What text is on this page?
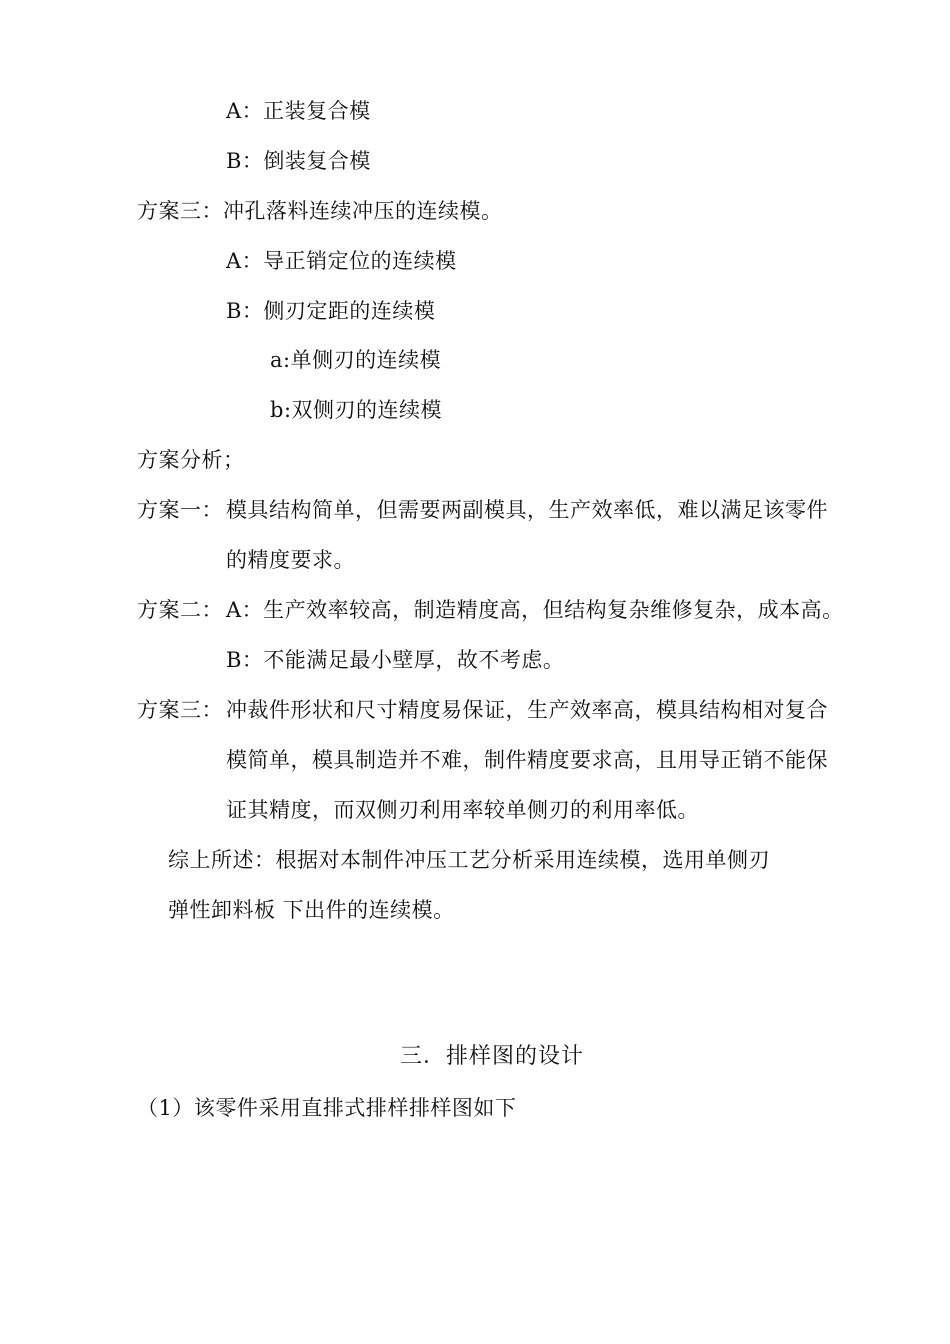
A：正装复合模
B：倒装复合模
方案三：冲孔落料连续冲压的连续模。
A：导正销定位的连续模
B：侧刃定距的连续模
a:单侧刃的连续模
b:双侧刃的连续模
方案分析；
方案一： 模具结构简单，但需要两副模具，生产效率低，难以满足该零件
的精度要求。
方案二： A：生产效率较高，制造精度高，但结构复杂维修复杂，成本高。
B：不能满足最小壁厚，故不考虑。
方案三： 冲裁件形状和尺寸精度易保证，生产效率高，模具结构相对复合
模简单，模具制造并不难，制件精度要求高，且用导正销不能保
证其精度，而双侧刃利用率较单侧刃的利用率低。
综上所述：根据对本制件冲压工艺分析采用连续模，选用单侧刃
弹性卸料板 下出件的连续模。
三．排样图的设计
（1）该零件采用直排式排样排样图如下
